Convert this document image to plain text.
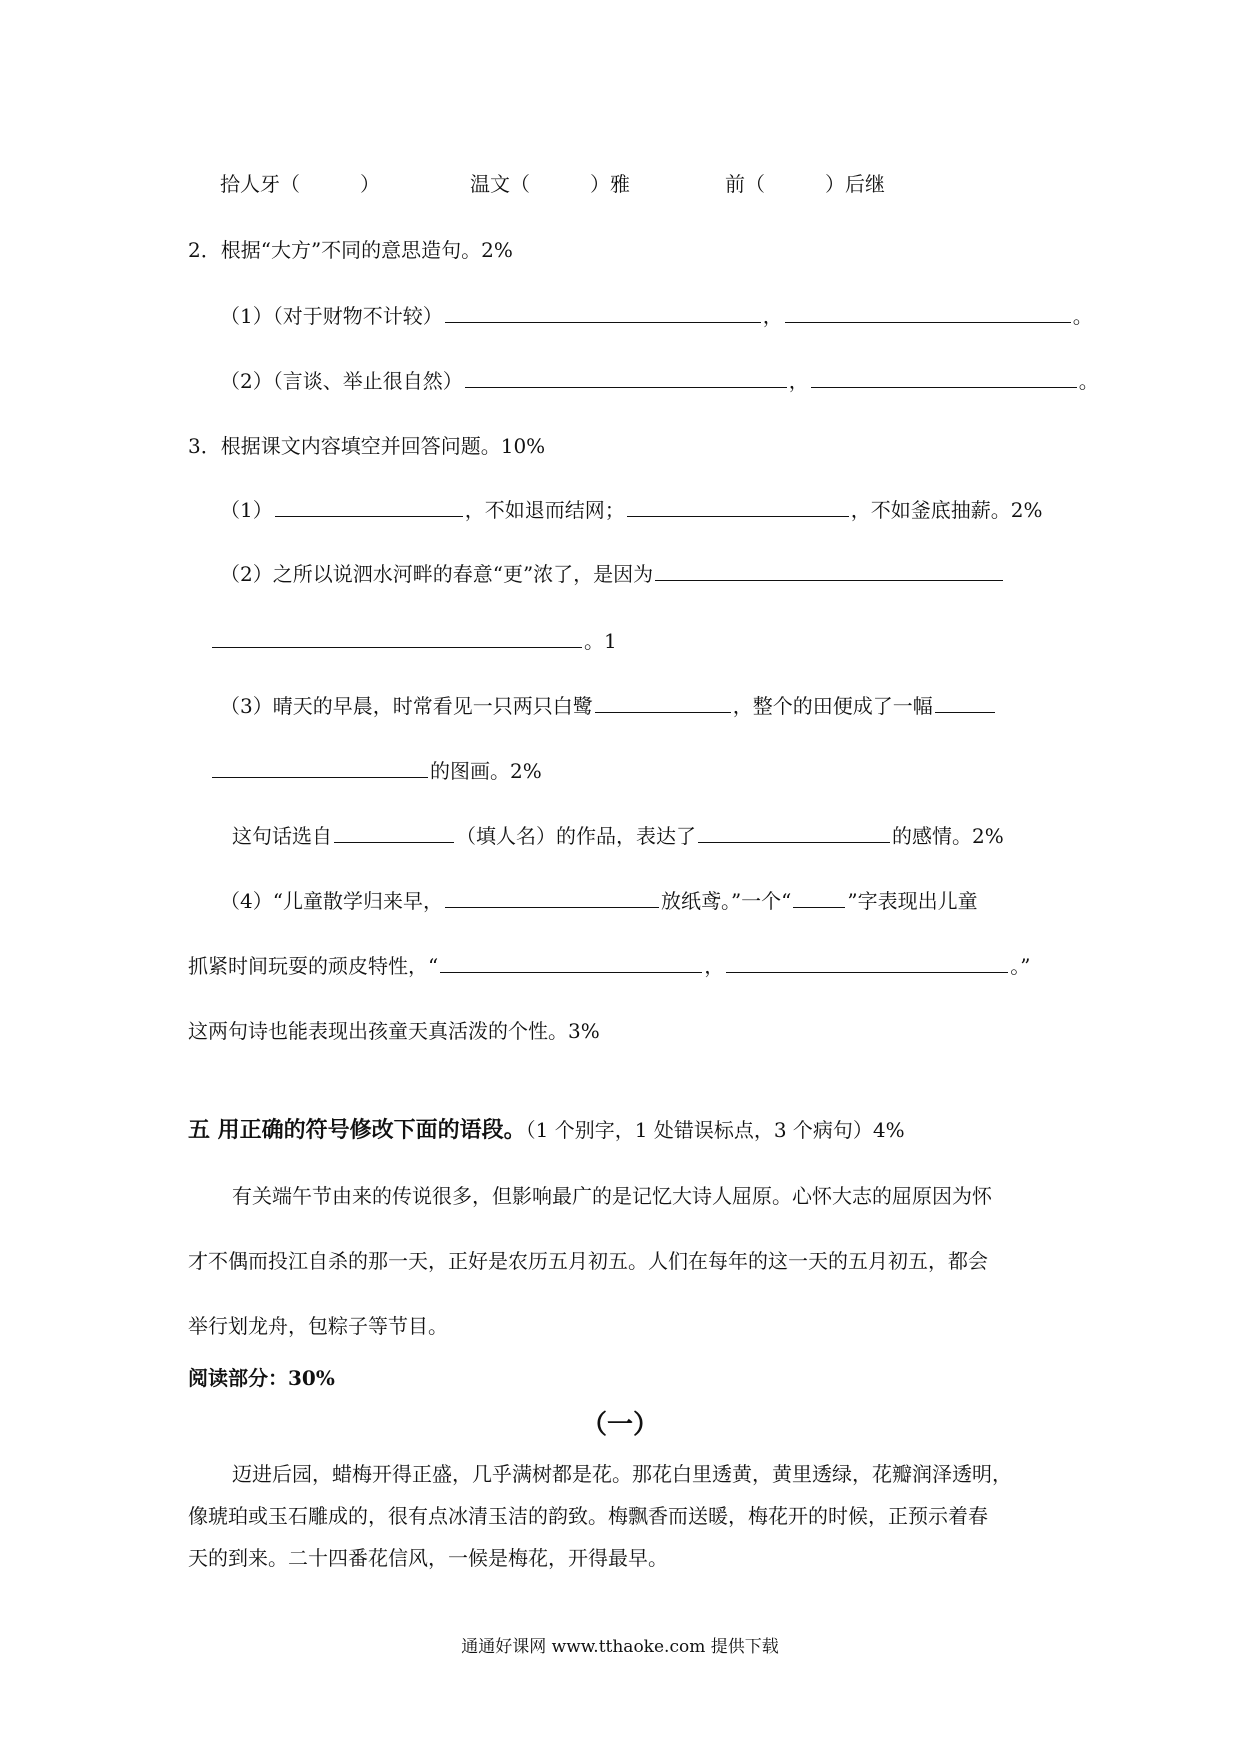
拾人牙（　　　）	温文（　　　）雅	前（　　　）后继
2．根据“大方”不同的意思造句。2%
（1）（对于财物不计较）	，	。
（2）（言谈、举止很自然）	，	。
3．根据课文内容填空并回答问题。10%
（1）	，不如退而结网；	，不如釜底抽薪。2%
（2）之所以说泗水河畔的春意“更”浓了，是因为
。1
（3）晴天的早晨，时常看见一只两只白鹭	，整个的田便成了一幅
的图画。2%
这句话选自	（填人名）的作品，表达了	的感情。2%
（4）“儿童散学归来早，	放纸鸢。”一个“	”字表现出儿童
抓紧时间玩耍的顽皮特性，“	，	。”
这两句诗也能表现出孩童天真活泼的个性。3%
五 用正确的符号修改下面的语段。（1 个别字，1 处错误标点，3 个病句）4%
有关端午节由来的传说很多，但影响最广的是记忆大诗人屈原。心怀大志的屈原因为怀
才不偶而投江自杀的那一天，正好是农历五月初五。人们在每年的这一天的五月初五，都会
举行划龙舟，包粽子等节目。
阅读部分：30%
（一）
迈进后园，蜡梅开得正盛，几乎满树都是花。那花白里透黄，黄里透绿，花瓣润泽透明，
像琥珀或玉石雕成的，很有点冰清玉洁的韵致。梅飘香而送暖，梅花开的时候，正预示着春
天的到来。二十四番花信风，一候是梅花，开得最早。
通通好课网 www.tthaoke.com 提供下载
